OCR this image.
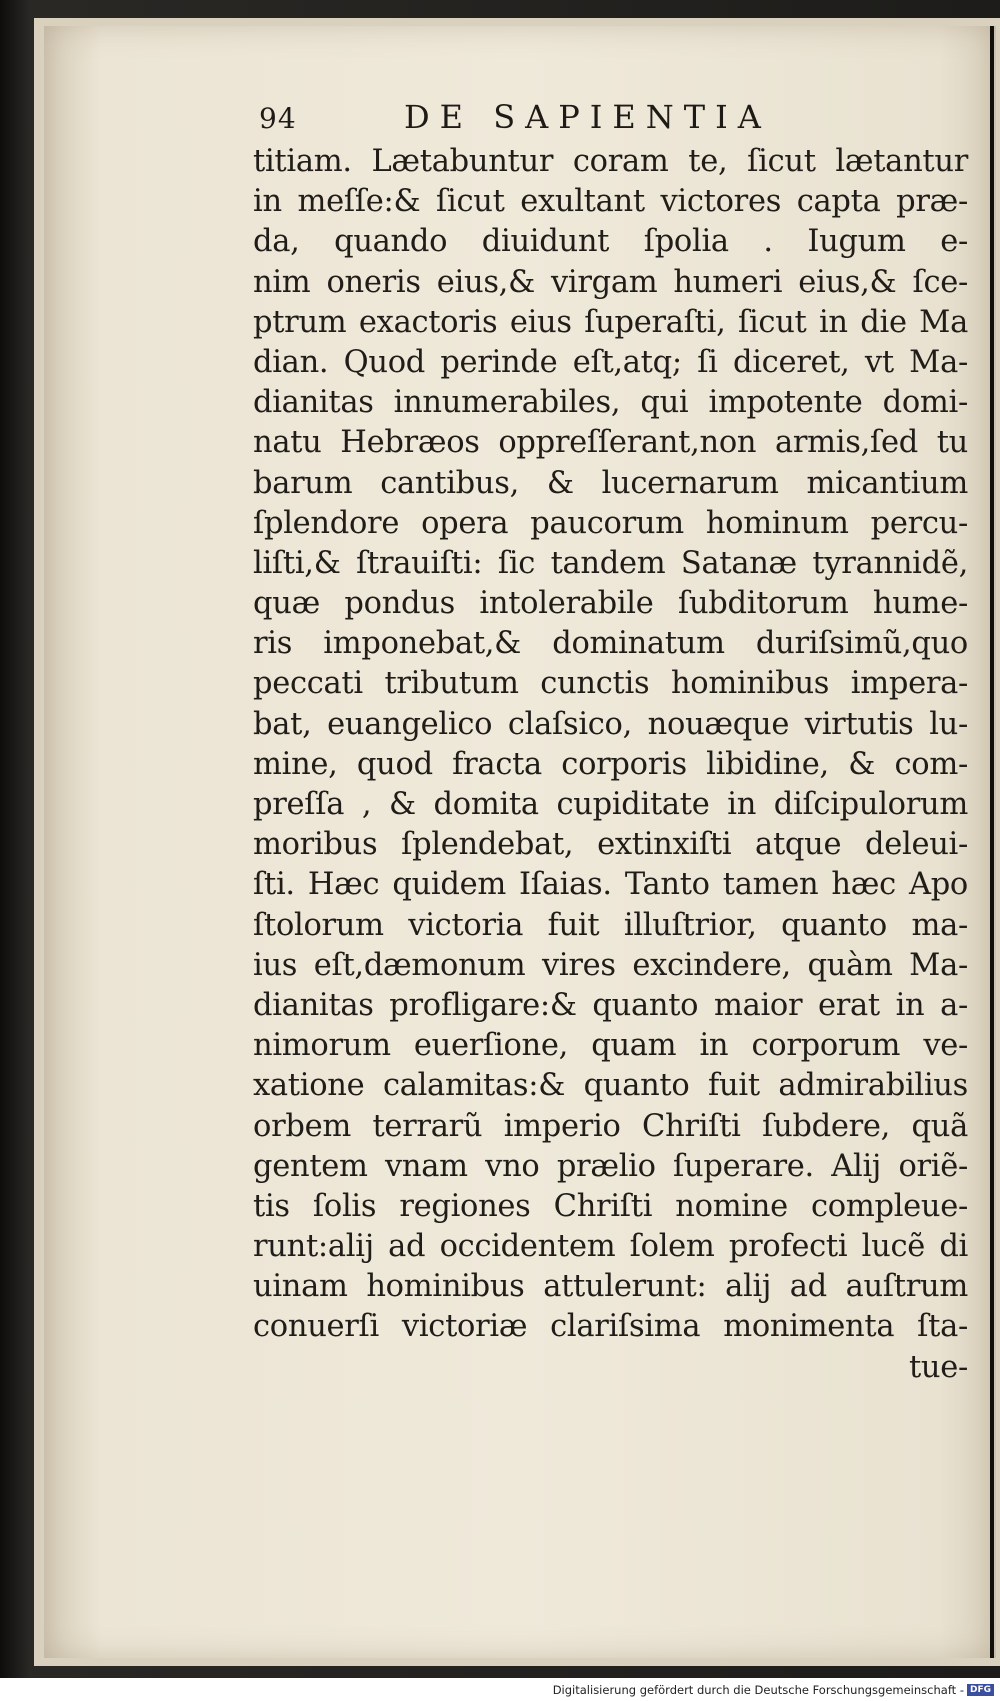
94	DE SAPIENTIA
titiam. Lætabuntur coram te, ſicut lætantur
in meſſe:& ſicut exultant victores capta præ-
da, quando diuidunt ſpolia . Iugum e-
nim oneris eius,& virgam humeri eius,& ſce-
ptrum exactoris eius ſuperaſti, ſicut in die Ma
dian. Quod perinde eſt,atq; ſi diceret, vt Ma-
dianitas innumerabiles, qui impotente domi-
natu Hebræos oppreſſerant,non armis,ſed tu
barum cantibus, & lucernarum micantium
ſplendore opera paucorum hominum percu-
liſti,& ſtrauiſti: ſic tandem Satanæ tyrannidẽ,
quæ pondus intolerabile ſubditorum hume-
ris imponebat,& dominatum duriſsimũ,quo
peccati tributum cunctis hominibus impera-
bat, euangelico claſsico, nouæque virtutis lu-
mine, quod fracta corporis libidine, & com-
preſſa , & domita cupiditate in diſcipulorum
moribus ſplendebat, extinxiſti atque deleui-
ſti. Hæc quidem Iſaias. Tanto tamen hæc Apo
ſtolorum victoria fuit illuſtrior, quanto ma-
ius eſt,dæmonum vires excindere, quàm Ma-
dianitas profligare:& quanto maior erat in a-
nimorum euerſione, quam in corporum ve-
xatione calamitas:& quanto fuit admirabilius
orbem terrarũ imperio Chriſti ſubdere, quã
gentem vnam vno prælio ſuperare. Alij oriẽ-
tis ſolis regiones Chriſti nomine compleue-
runt:alij ad occidentem ſolem profecti lucẽ di
uinam hominibus attulerunt: alij ad auſtrum
conuerſi victoriæ clariſsima monimenta ſta-
tue-
Digitalisierung gefördert durch die Deutsche Forschungsgemeinschaft - DFG
